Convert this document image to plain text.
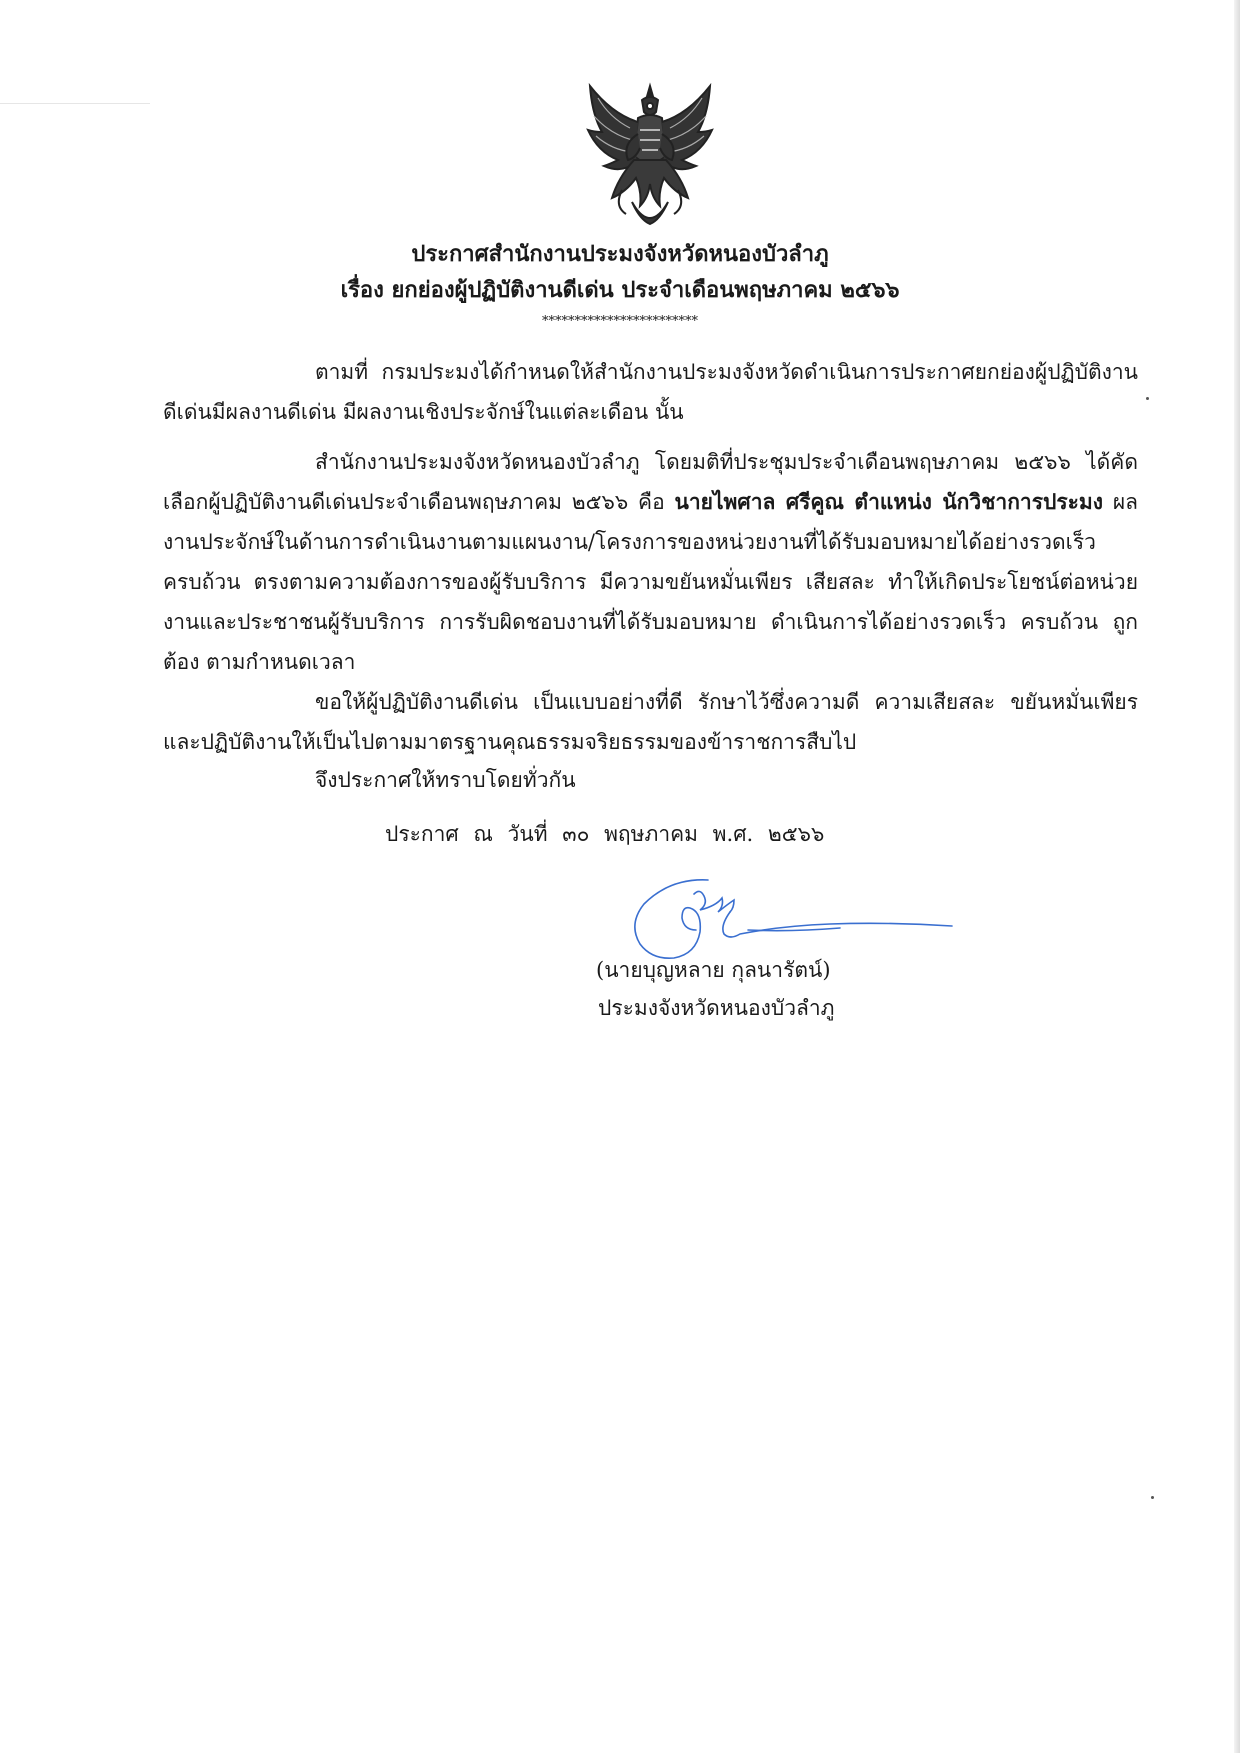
ประกาศสำนักงานประมงจังหวัดหนองบัวลำภู
เรื่อง ยกย่องผู้ปฏิบัติงานดีเด่น ประจำเดือนพฤษภาคม ๒๕๖๖
************************
ตามที่ กรมประมงได้กำหนดให้สำนักงานประมงจังหวัดดำเนินการประกาศยกย่องผู้ปฏิบัติงานดีเด่นมีผลงานดีเด่น มีผลงานเชิงประจักษ์ในแต่ละเดือน นั้น
สำนักงานประมงจังหวัดหนองบัวลำภู โดยมติที่ประชุมประจำเดือนพฤษภาคม ๒๕๖๖ ได้คัดเลือกผู้ปฏิบัติงานดีเด่นประจำเดือนพฤษภาคม ๒๕๖๖ คือ นายไพศาล ศรีคูณ ตำแหน่ง นักวิชาการประมง ผลงานประจักษ์ในด้านการดำเนินงานตามแผนงาน/โครงการของหน่วยงานที่ได้รับมอบหมายได้อย่างรวดเร็ว ครบถ้วน ตรงตามความต้องการของผู้รับบริการ มีความขยันหมั่นเพียร เสียสละ ทำให้เกิดประโยชน์ต่อหน่วยงานและประชาชนผู้รับบริการ การรับผิดชอบงานที่ได้รับมอบหมาย ดำเนินการได้อย่างรวดเร็ว ครบถ้วน ถูกต้อง ตามกำหนดเวลา
ขอให้ผู้ปฏิบัติงานดีเด่น เป็นแบบอย่างที่ดี รักษาไว้ซึ่งความดี ความเสียสละ ขยันหมั่นเพียร และปฏิบัติงานให้เป็นไปตามมาตรฐานคุณธรรมจริยธรรมของข้าราชการสืบไป
จึงประกาศให้ทราบโดยทั่วกัน
ประกาศ ณ วันที่ ๓๐ พฤษภาคม พ.ศ. ๒๕๖๖
(นายบุญหลาย กุลนารัตน์)
ประมงจังหวัดหนองบัวลำภู
